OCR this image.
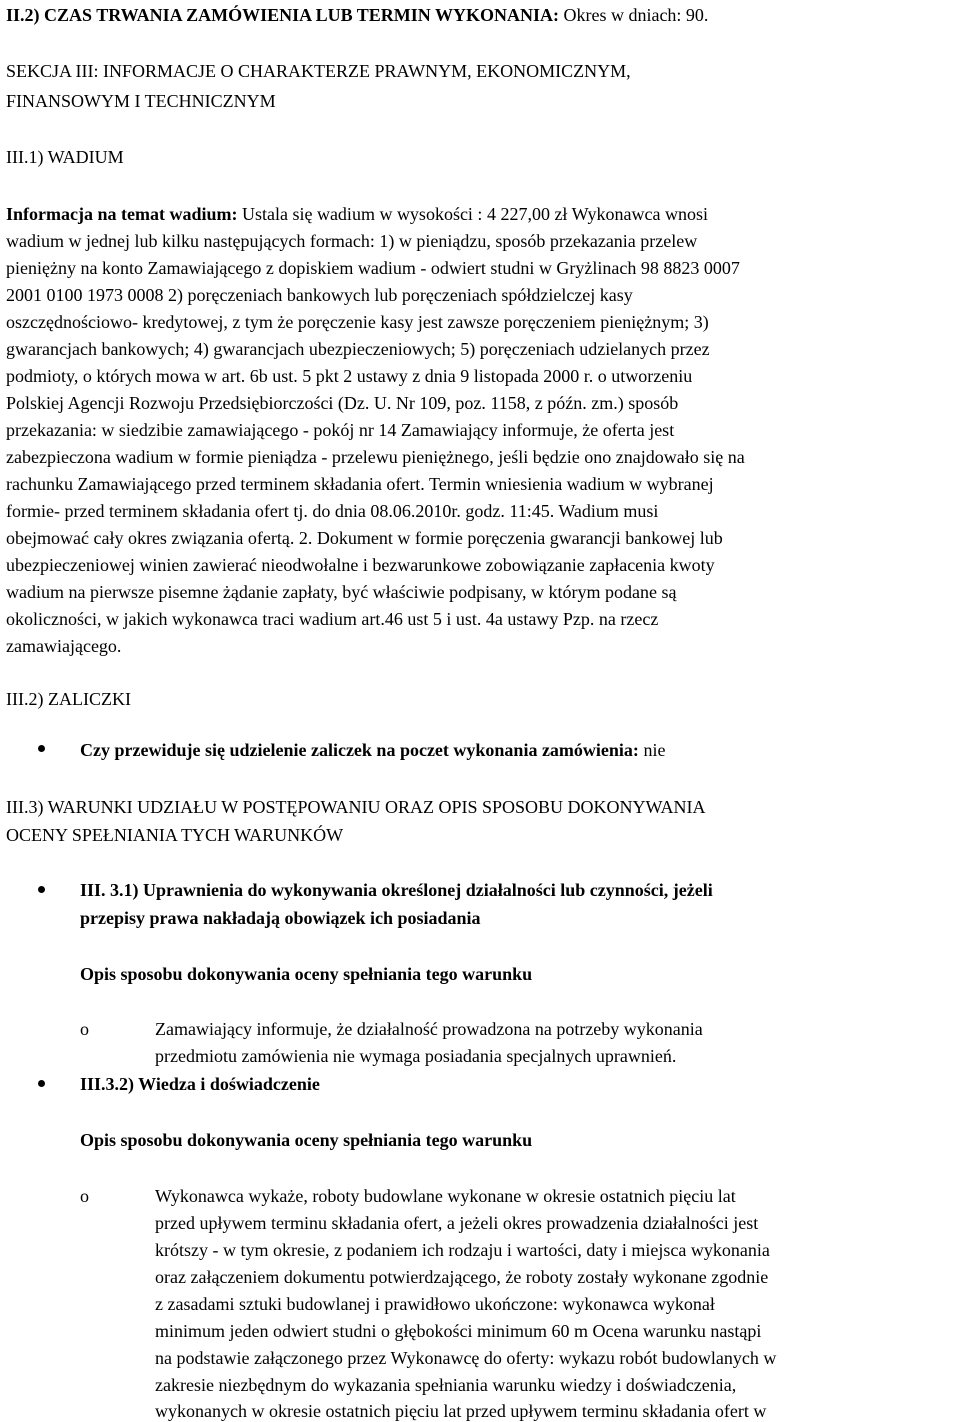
II.2) CZAS TRWANIA ZAMÓWIENIA LUB TERMIN WYKONANIA: Okres w dniach: 90.
SEKCJA III: INFORMACJE O CHARAKTERZE PRAWNYM, EKONOMICZNYM,
FINANSOWYM I TECHNICZNYM
III.1) WADIUM
Informacja na temat wadium: Ustala się wadium w wysokości : 4 227,00 zł Wykonawca wnosi
wadium w jednej lub kilku następujących formach: 1) w pieniądzu, sposób przekazania przelew
pieniężny na konto Zamawiającego z dopiskiem wadium - odwiert studni w Gryżlinach 98 8823 0007
2001 0100 1973 0008 2) poręczeniach bankowych lub poręczeniach spółdzielczej kasy
oszczędnościowo- kredytowej, z tym że poręczenie kasy jest zawsze poręczeniem pieniężnym; 3)
gwarancjach bankowych; 4) gwarancjach ubezpieczeniowych; 5) poręczeniach udzielanych przez
podmioty, o których mowa w art. 6b ust. 5 pkt 2 ustawy z dnia 9 listopada 2000 r. o utworzeniu
Polskiej Agencji Rozwoju Przedsiębiorczości (Dz. U. Nr 109, poz. 1158, z późn. zm.) sposób
przekazania: w siedzibie zamawiającego - pokój nr 14 Zamawiający informuje, że oferta jest
zabezpieczona wadium w formie pieniądza - przelewu pieniężnego, jeśli będzie ono znajdowało się na
rachunku Zamawiającego przed terminem składania ofert. Termin wniesienia wadium w wybranej
formie- przed terminem składania ofert tj. do dnia 08.06.2010r. godz. 11:45. Wadium musi
obejmować cały okres związania ofertą. 2. Dokument w formie poręczenia gwarancji bankowej lub
ubezpieczeniowej winien zawierać nieodwołalne i bezwarunkowe zobowiązanie zapłacenia kwoty
wadium na pierwsze pisemne żądanie zapłaty, być właściwie podpisany, w którym podane są
okoliczności, w jakich wykonawca traci wadium art.46 ust 5 i ust. 4a ustawy Pzp. na rzecz
zamawiającego.
III.2) ZALICZKI
Czy przewiduje się udzielenie zaliczek na poczet wykonania zamówienia: nie
III.3) WARUNKI UDZIAŁU W POSTĘPOWANIU ORAZ OPIS SPOSOBU DOKONYWANIA
OCENY SPEŁNIANIA TYCH WARUNKÓW
III. 3.1) Uprawnienia do wykonywania określonej działalności lub czynności, jeżeli
przepisy prawa nakładają obowiązek ich posiadania
Opis sposobu dokonywania oceny spełniania tego warunku
o	Zamawiający informuje, że działalność prowadzona na potrzeby wykonania
przedmiotu zamówienia nie wymaga posiadania specjalnych uprawnień.
III.3.2) Wiedza i doświadczenie
Opis sposobu dokonywania oceny spełniania tego warunku
o	Wykonawca wykaże, roboty budowlane wykonane w okresie ostatnich pięciu lat
przed upływem terminu składania ofert, a jeżeli okres prowadzenia działalności jest
krótszy - w tym okresie, z podaniem ich rodzaju i wartości, daty i miejsca wykonania
oraz załączeniem dokumentu potwierdzającego, że roboty zostały wykonane zgodnie
z zasadami sztuki budowlanej i prawidłowo ukończone: wykonawca wykonał
minimum jeden odwiert studni o głębokości minimum 60 m Ocena warunku nastąpi
na podstawie załączonego przez Wykonawcę do oferty: wykazu robót budowlanych w
zakresie niezbędnym do wykazania spełniania warunku wiedzy i doświadczenia,
wykonanych w okresie ostatnich pięciu lat przed upływem terminu składania ofert w
